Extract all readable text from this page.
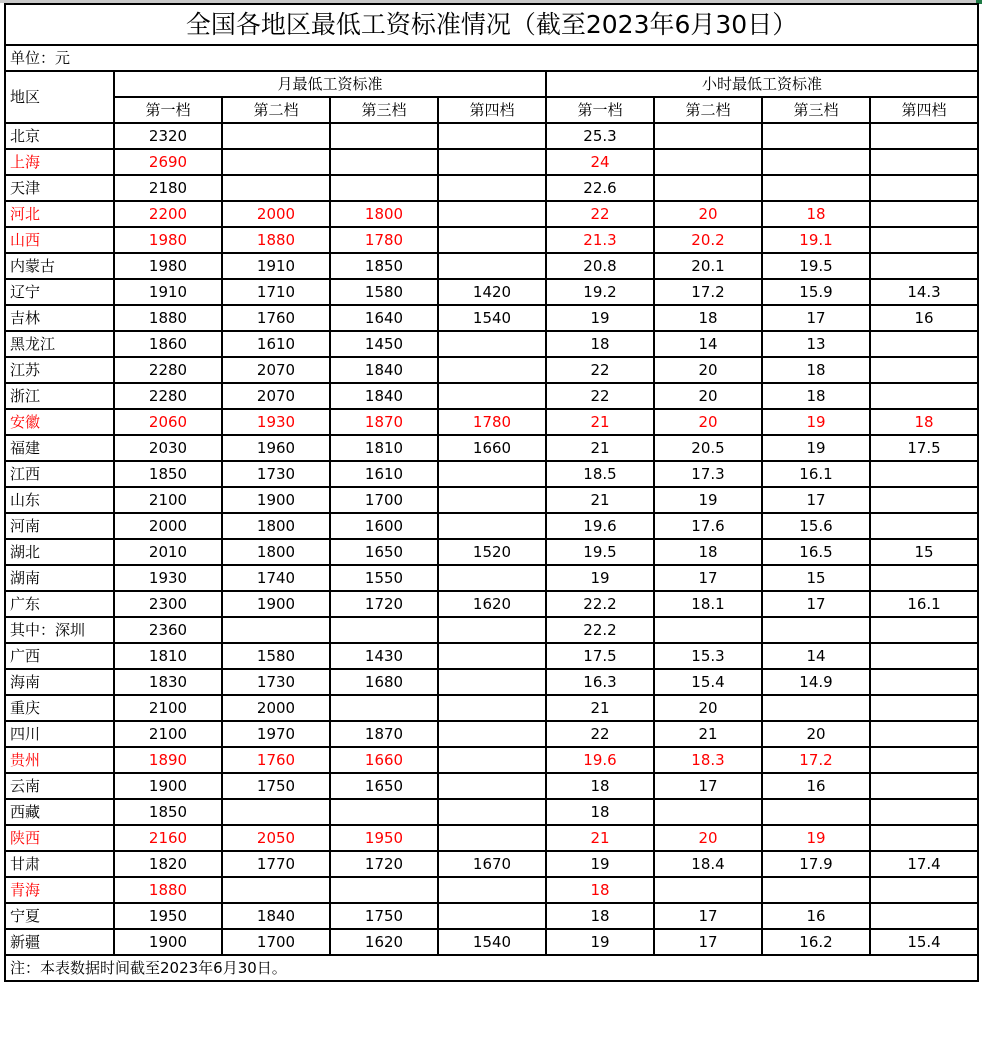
全国各地区最低工资标准情况（截至2023年6月30日）								
单位：元								
地区	月最低工资标准				小时最低工资标准			
	第一档	第二档	第三档	第四档	第一档	第二档	第三档	第四档
北京	2320				25.3			
上海	2690				24			
天津	2180				22.6			
河北	2200	2000	1800		22	20	18	
山西	1980	1880	1780		21.3	20.2	19.1	
内蒙古	1980	1910	1850		20.8	20.1	19.5	
辽宁	1910	1710	1580	1420	19.2	17.2	15.9	14.3
吉林	1880	1760	1640	1540	19	18	17	16
黑龙江	1860	1610	1450		18	14	13	
江苏	2280	2070	1840		22	20	18	
浙江	2280	2070	1840		22	20	18	
安徽	2060	1930	1870	1780	21	20	19	18
福建	2030	1960	1810	1660	21	20.5	19	17.5
江西	1850	1730	1610		18.5	17.3	16.1	
山东	2100	1900	1700		21	19	17	
河南	2000	1800	1600		19.6	17.6	15.6	
湖北	2010	1800	1650	1520	19.5	18	16.5	15
湖南	1930	1740	1550		19	17	15	
广东	2300	1900	1720	1620	22.2	18.1	17	16.1
其中：深圳	2360				22.2			
广西	1810	1580	1430		17.5	15.3	14	
海南	1830	1730	1680		16.3	15.4	14.9	
重庆	2100	2000			21	20		
四川	2100	1970	1870		22	21	20	
贵州	1890	1760	1660		19.6	18.3	17.2	
云南	1900	1750	1650		18	17	16	
西藏	1850				18			
陕西	2160	2050	1950		21	20	19	
甘肃	1820	1770	1720	1670	19	18.4	17.9	17.4
青海	1880				18			
宁夏	1950	1840	1750		18	17	16	
新疆	1900	1700	1620	1540	19	17	16.2	15.4
注：本表数据时间截至2023年6月30日。								
